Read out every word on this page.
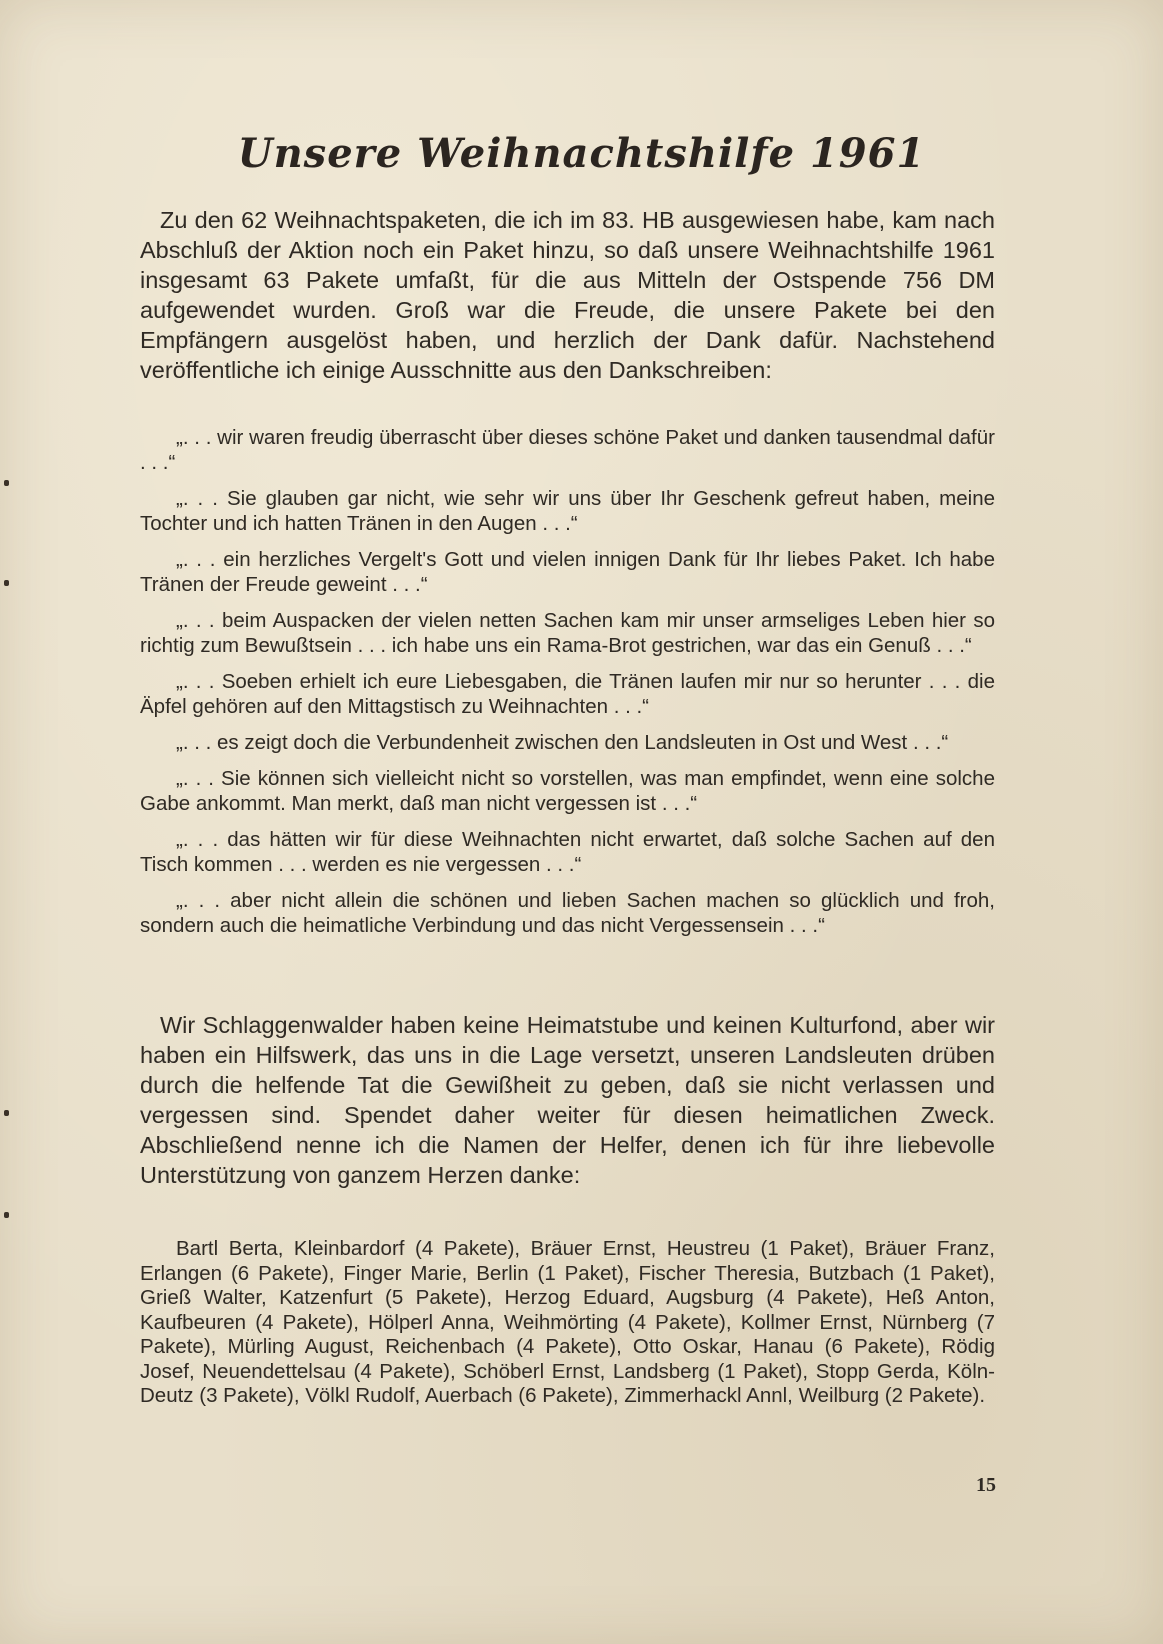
Unsere Weihnachtshilfe 1961

Zu den 62 Weihnachtspaketen, die ich im 83. HB ausgewiesen habe, kam nach Abschluß der Aktion noch ein Paket hinzu, so daß unsere Weihnachtshilfe 1961 insgesamt 63 Pakete umfaßt, für die aus Mitteln der Ostspende 756 DM aufgewendet wurden. Groß war die Freude, die unsere Pakete bei den Empfängern ausgelöst haben, und herzlich der Dank dafür. Nachstehend veröffentliche ich einige Ausschnitte aus den Dankschreiben:

„. . . wir waren freudig überrascht über dieses schöne Paket und danken tausendmal dafür . . .“

„. . . Sie glauben gar nicht, wie sehr wir uns über Ihr Geschenk gefreut haben, meine Tochter und ich hatten Tränen in den Augen . . .“

„. . . ein herzliches Vergelt's Gott und vielen innigen Dank für Ihr liebes Paket. Ich habe Tränen der Freude geweint . . .“

„. . . beim Auspacken der vielen netten Sachen kam mir unser armseliges Leben hier so richtig zum Bewußtsein . . . ich habe uns ein Rama-Brot gestrichen, war das ein Genuß . . .“

„. . . Soeben erhielt ich eure Liebesgaben, die Tränen laufen mir nur so herunter . . . die Äpfel gehören auf den Mittagstisch zu Weihnachten . . .“

„. . . es zeigt doch die Verbundenheit zwischen den Landsleuten in Ost und West . . .“

„. . . Sie können sich vielleicht nicht so vorstellen, was man empfindet, wenn eine solche Gabe ankommt. Man merkt, daß man nicht vergessen ist . . .“

„. . . das hätten wir für diese Weihnachten nicht erwartet, daß solche Sachen auf den Tisch kommen . . . werden es nie vergessen . . .“

„. . . aber nicht allein die schönen und lieben Sachen machen so glücklich und froh, sondern auch die heimatliche Verbindung und das nicht Vergessensein . . .“

Wir Schlaggenwalder haben keine Heimatstube und keinen Kulturfond, aber wir haben ein Hilfswerk, das uns in die Lage versetzt, unseren Landsleuten drüben durch die helfende Tat die Gewißheit zu geben, daß sie nicht verlassen und vergessen sind. Spendet daher weiter für diesen heimatlichen Zweck. Abschließend nenne ich die Namen der Helfer, denen ich für ihre liebevolle Unterstützung von ganzem Herzen danke:

Bartl Berta, Kleinbardorf (4 Pakete), Bräuer Ernst, Heustreu (1 Paket), Bräuer Franz, Erlangen (6 Pakete), Finger Marie, Berlin (1 Paket), Fischer Theresia, Butzbach (1 Paket), Grieß Walter, Katzenfurt (5 Pakete), Herzog Eduard, Augsburg (4 Pakete), Heß Anton, Kaufbeuren (4 Pakete), Hölperl Anna, Weihmörting (4 Pakete), Kollmer Ernst, Nürnberg (7 Pakete), Mürling August, Reichenbach (4 Pakete), Otto Oskar, Hanau (6 Pakete), Rödig Josef, Neuendettelsau (4 Pakete), Schöberl Ernst, Landsberg (1 Paket), Stopp Gerda, Köln-Deutz (3 Pakete), Völkl Rudolf, Auerbach (6 Pakete), Zimmerhackl Annl, Weilburg (2 Pakete).

15
